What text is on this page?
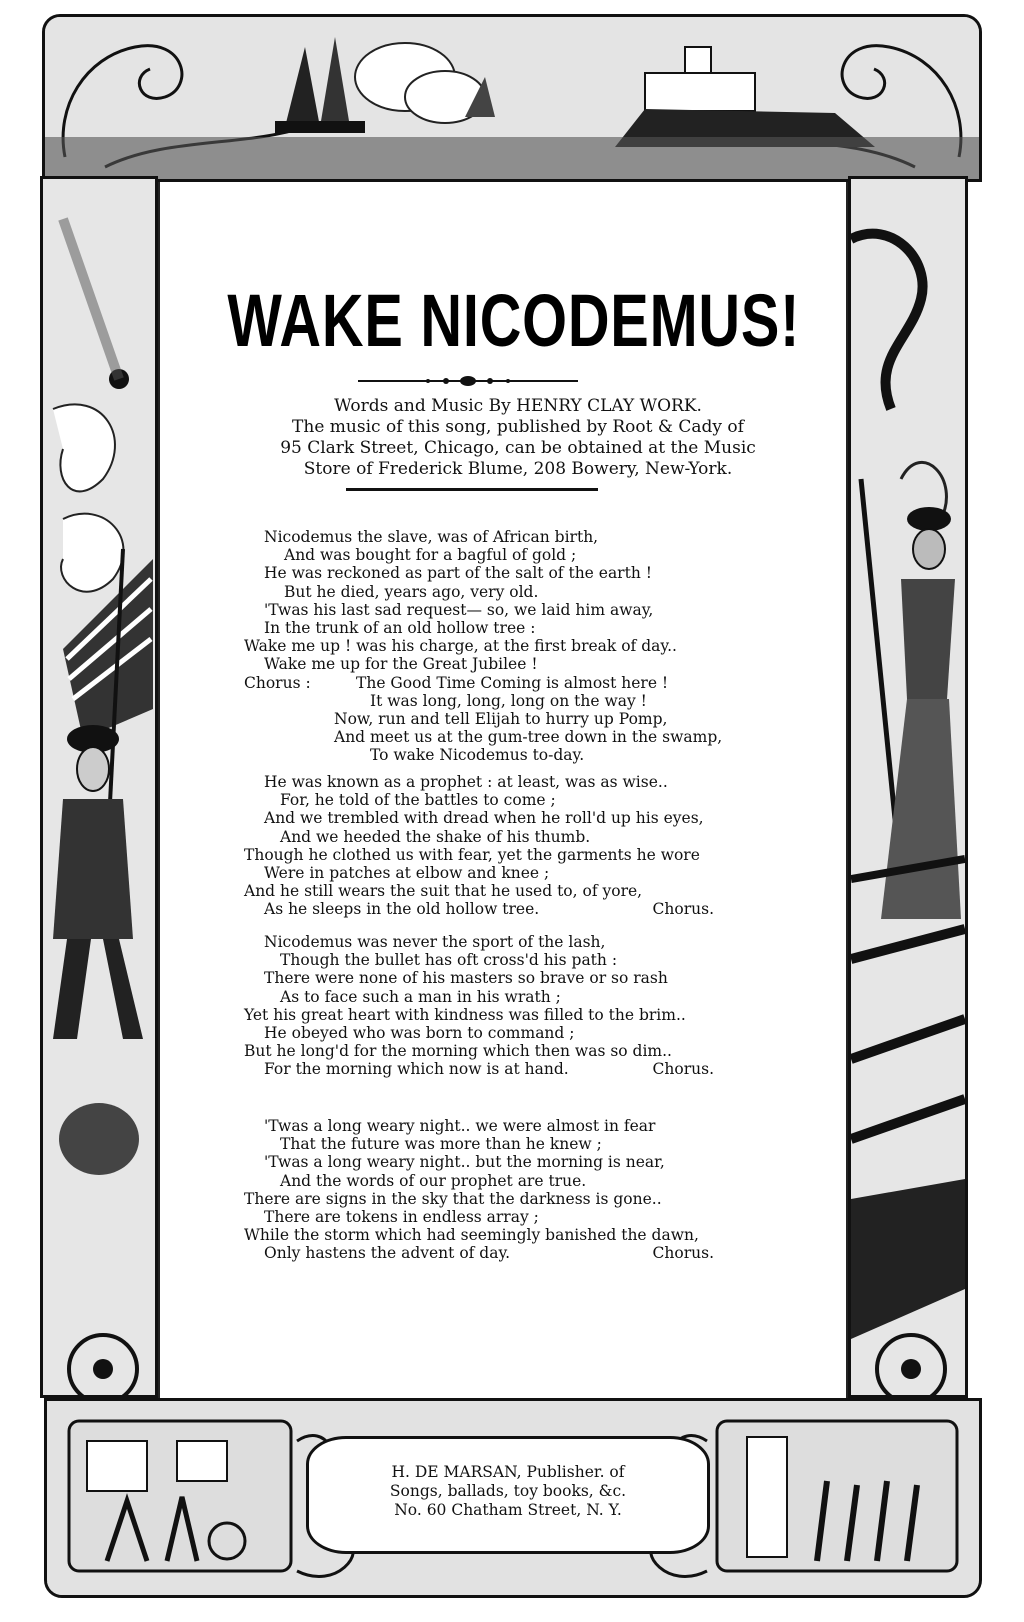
WAKE NICODEMUS!
Words and Music By HENRY CLAY WORK.
The music of this song, published by Root & Cady of
95 Clark Street, Chicago, can be obtained at the Music
Store of Frederick Blume, 208 Bowery, New-York.
Nicodemus the slave, was of African birth,
And was bought for a bagful of gold ;
He was reckoned as part of the salt of the earth !
But he died, years ago, very old.
'Twas his last sad request— so, we laid him away,
In the trunk of an old hollow tree :
Wake me up ! was his charge, at the first break of day..
Wake me up for the Great Jubilee !
Chorus :	The Good Time Coming is almost here !
It was long, long, long on the way !
Now, run and tell Elijah to hurry up Pomp,
And meet us at the gum-tree down in the swamp,
To wake Nicodemus to-day.
He was known as a prophet : at least, was as wise..
For, he told of the battles to come ;
And we trembled with dread when he roll'd up his eyes,
And we heeded the shake of his thumb.
Though he clothed us with fear, yet the garments he wore
Were in patches at elbow and knee ;
And he still wears the suit that he used to, of yore,
As he sleeps in the old hollow tree.	Chorus.
Nicodemus was never the sport of the lash,
Though the bullet has oft cross'd his path :
There were none of his masters so brave or so rash
As to face such a man in his wrath ;
Yet his great heart with kindness was filled to the brim..
He obeyed who was born to command ;
But he long'd for the morning which then was so dim..
For the morning which now is at hand.	Chorus.
'Twas a long weary night.. we were almost in fear
That the future was more than he knew ;
'Twas a long weary night.. but the morning is near,
And the words of our prophet are true.
There are signs in the sky that the darkness is gone..
There are tokens in endless array ;
While the storm which had seemingly banished the dawn,
Only hastens the advent of day.	Chorus.
H. DE MARSAN, Publisher. of
Songs, ballads, toy books, &c.
No. 60 Chatham Street, N. Y.
